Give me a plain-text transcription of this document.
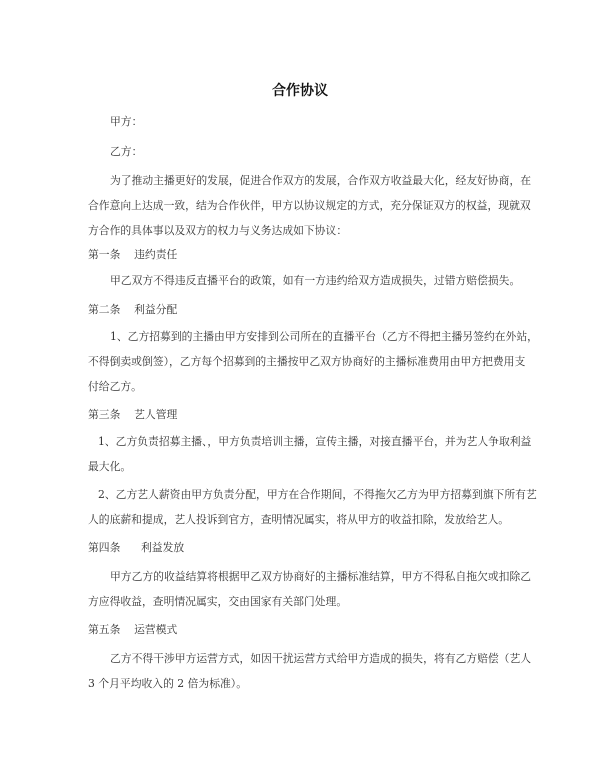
合作协议
甲方：
乙方：
为了推动主播更好的发展，促进合作双方的发展，合作双方收益最大化，经友好协商，在
合作意向上达成一致，结为合作伙伴，甲方以协议规定的方式，充分保证双方的权益，现就双
方合作的具体事以及双方的权力与义务达成如下协议：
第一条    违约责任
甲乙双方不得违反直播平台的政策，如有一方违约给双方造成损失，过错方赔偿损失。
第二条    利益分配
1、乙方招募到的主播由甲方安排到公司所在的直播平台（乙方不得把主播另签约在外站，
不得倒卖或倒签），乙方每个招募到的主播按甲乙双方协商好的主播标准费用由甲方把费用支
付给乙方。
第三条    艺人管理
1、乙方负责招募主播、，甲方负责培训主播，宣传主播，对接直播平台，并为艺人争取利益
最大化。
2、乙方艺人薪资由甲方负责分配，甲方在合作期间，不得拖欠乙方为甲方招募到旗下所有艺
人的底薪和提成，艺人投诉到官方，查明情况属实，将从甲方的收益扣除，发放给艺人。
第四条      利益发放
甲方乙方的收益结算将根据甲乙双方协商好的主播标准结算，甲方不得私自拖欠或扣除乙
方应得收益，查明情况属实，交由国家有关部门处理。
第五条    运营模式
乙方不得干涉甲方运营方式，如因干扰运营方式给甲方造成的损失，将有乙方赔偿（艺人
3 个月平均收入的 2 倍为标准）。
